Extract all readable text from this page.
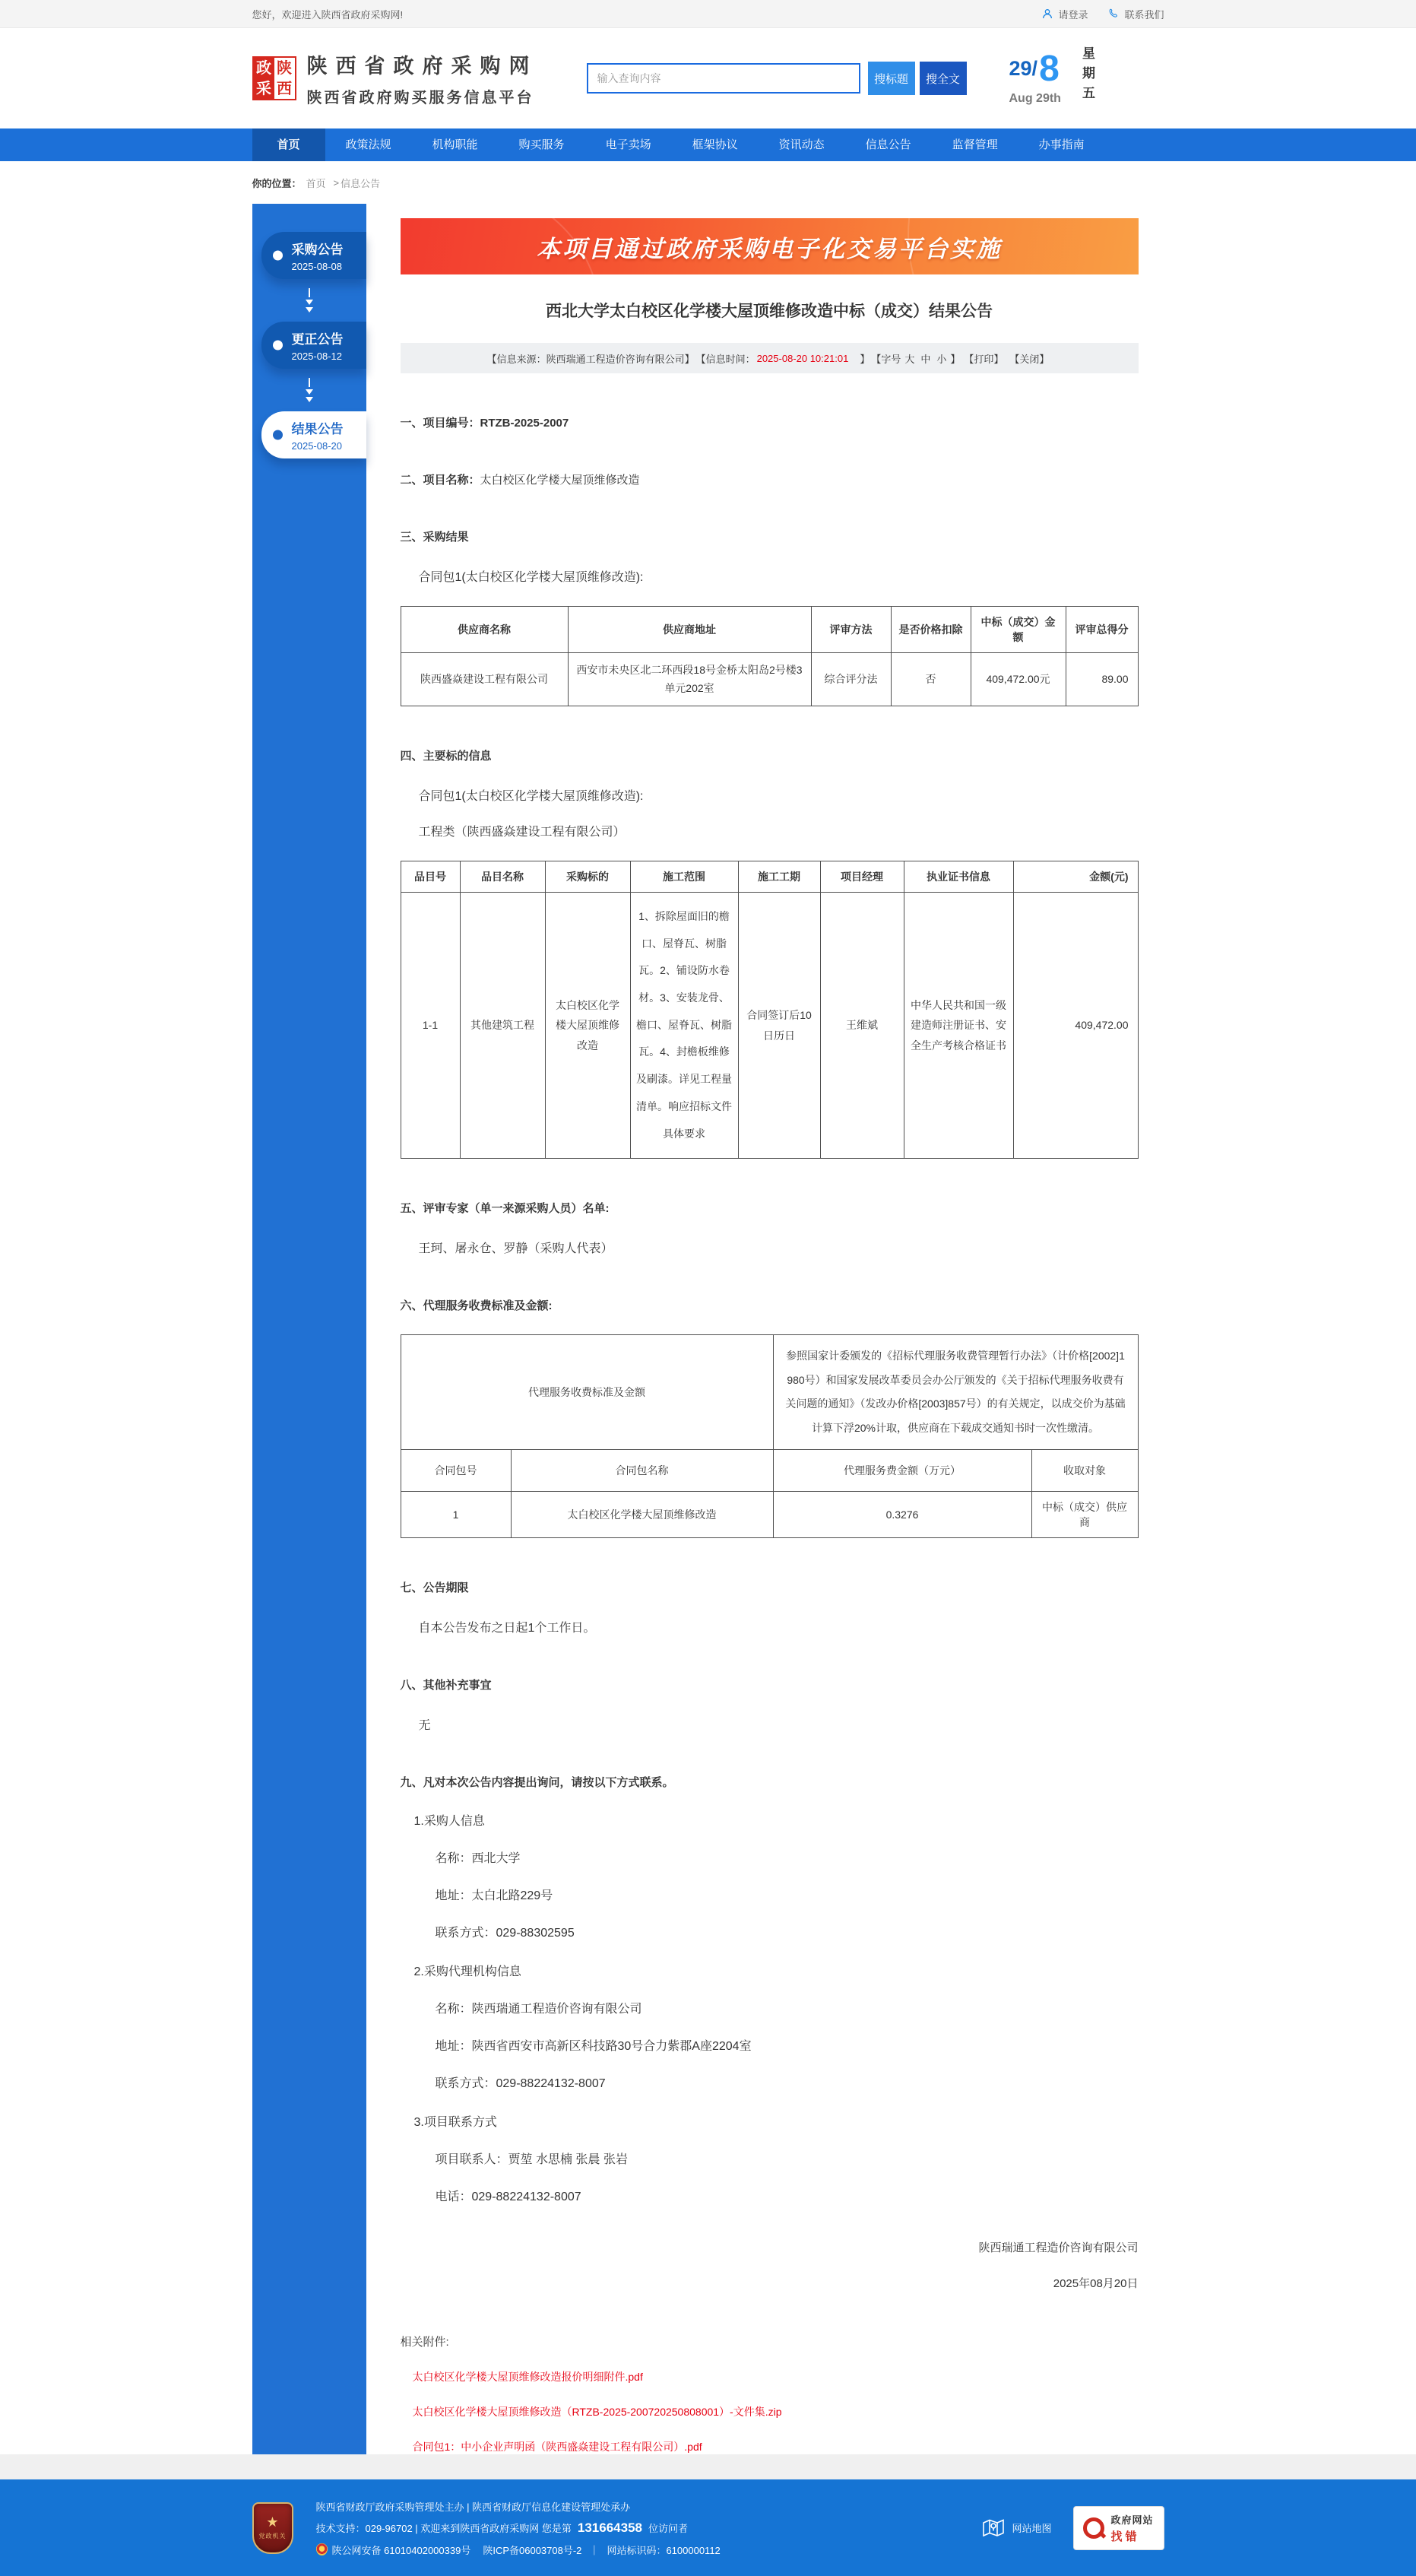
您好，欢迎进入陕西省政府采购网!	请登录	联系我们
政
采
陕
西
陕西省政府采购网
陕西省政府购买服务信息平台
输入查询内容
搜标题	搜全文	29 / 8
Aug 29th 星期五
首页	政策法规	机构职能	购买服务	电子卖场	框架协议	资讯动态	信息公告	监督管理	办事指南
你的位置： 首页 > 信息公告
采购公告
2025-08-08
更正公告
2025-08-12
结果公告
2025-08-20
本项目通过政府采购电子化交易平台实施
西北大学太白校区化学楼大屋顶维修改造中标（成交）结果公告
【信息来源：陕西瑞通工程造价咨询有限公司】 【信息时间： 2025-08-20 10:21:01 　】 【字号 大 中 小 】 【打印】 【关闭】
一、项目编号：RTZB-2025-2007
二、项目名称：太白校区化学楼大屋顶维修改造
三、采购结果
合同包1(太白校区化学楼大屋顶维修改造):
供应商名称	供应商地址	评审方法	是否价格扣除	中标（成交）金额	评审总得分
陕西盛焱建设工程有限公司	西安市未央区北二环西段18号金桥太阳岛2号楼3单元202室	综合评分法	否	409,472.00元	89.00
四、主要标的信息
合同包1(太白校区化学楼大屋顶维修改造):
工程类（陕西盛焱建设工程有限公司）
品目号	品目名称	采购标的	施工范围	施工工期	项目经理	执业证书信息	金额(元)
1-1	其他建筑工程	太白校区化学楼大屋顶维修改造	1、拆除屋面旧的檐口、屋脊瓦、树脂瓦。2、铺设防水卷材。3、安装龙骨、檐口、屋脊瓦、树脂瓦。4、封檐板维修及刷漆。详见工程量清单。响应招标文件具体要求	合同签订后10日历日	王维斌	中华人民共和国一级建造师注册证书、安全生产考核合格证书	409,472.00
五、评审专家（单一来源采购人员）名单:
王珂、屠永仓、罗静（采购人代表）
六、代理服务收费标准及金额:
代理服务收费标准及金额		参照国家计委颁发的《招标代理服务收费管理暂行办法》（计价格[2002]1980号）和国家发展改革委员会办公厅颁发的《关于招标代理服务收费有关问题的通知》（发改办价格[2003]857号）的有关规定，以成交价为基础计算下浮20%计取，供应商在下载成交通知书时一次性缴清。	
合同包号	合同包名称	代理服务费金额（万元）	收取对象
1	太白校区化学楼大屋顶维修改造	0.3276	中标（成交）供应商
七、公告期限
自本公告发布之日起1个工作日。
八、其他补充事宜
无
九、凡对本次公告内容提出询问，请按以下方式联系。
1.采购人信息
名称：西北大学
地址：太白北路229号
联系方式：029-88302595
2.采购代理机构信息
名称：陕西瑞通工程造价咨询有限公司
地址：陕西省西安市高新区科技路30号合力紫郡A座2204室
联系方式：029-88224132-8007
3.项目联系方式
项目联系人：贾堃 水思楠 张晨 张岩
电话：029-88224132-8007
陕西瑞通工程造价咨询有限公司
2025年08月20日
相关附件:
太白校区化学楼大屋顶维修改造报价明细附件.pdf
太白校区化学楼大屋顶维修改造（RTZB-2025-200720250808001）-文件集.zip
合同包1：中小企业声明函（陕西盛焱建设工程有限公司）.pdf
★
党政机关
陕西省财政厅政府采购管理处主办 | 陕西省财政厅信息化建设管理处承办
技术支持：029-96702 | 欢迎来到陕西省政府采购网 您是第 131664358 位访问者
陕公网安备 61010402000339号 陕ICP备06003708号-2 ｜ 网站标识码：6100000112
网站地图
政府网站
找错
